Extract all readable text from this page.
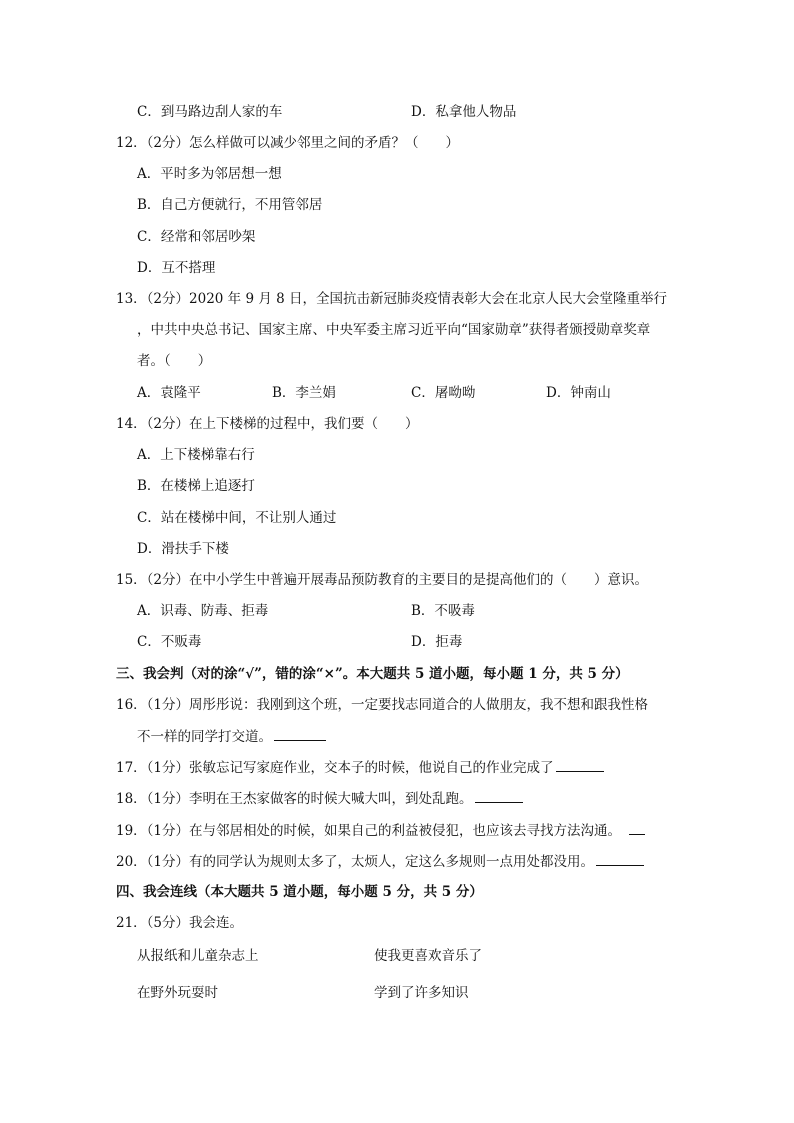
C．到马路边刮人家的车	D．私拿他人物品
12．（2分）怎么样做可以减少邻里之间的矛盾？（　　）
A．平时多为邻居想一想
B．自己方便就行，不用管邻居
C．经常和邻居吵架
D．互不搭理
13．（2分）2020 年 9 月 8 日，全国抗击新冠肺炎疫情表彰大会在北京人民大会堂隆重举行
，中共中央总书记、国家主席、中央军委主席习近平向“国家勋章”获得者颁授勋章奖章
者。（　　）
A．袁隆平	B．李兰娟	C．屠呦呦	D．钟南山
14．（2分）在上下楼梯的过程中，我们要（　　）
A．上下楼梯靠右行
B．在楼梯上追逐打
C．站在楼梯中间，不让别人通过
D．滑扶手下楼
15．（2分）在中小学生中普遍开展毒品预防教育的主要目的是提高他们的（　　）意识。
A．识毒、防毒、拒毒	B．不吸毒
C．不贩毒	D．拒毒
三、我会判（对的涂“√”，错的涂“×”。本大题共 5 道小题，每小题 1 分，共 5 分）
16．（1分）周彤彤说：我刚到这个班，一定要找志同道合的人做朋友，我不想和跟我性格
不一样的同学打交道。
17．（1分）张敏忘记写家庭作业，交本子的时候，他说自己的作业完成了
18．（1分）李明在王杰家做客的时候大喊大叫，到处乱跑。
19．（1分）在与邻居相处的时候，如果自己的利益被侵犯，也应该去寻找方法沟通。
20．（1分）有的同学认为规则太多了，太烦人，定这么多规则一点用处都没用。
四、我会连线（本大题共 5 道小题，每小题 5 分，共 5 分）
21．（5分）我会连。
从报纸和儿童杂志上	使我更喜欢音乐了
在野外玩耍时	学到了许多知识
